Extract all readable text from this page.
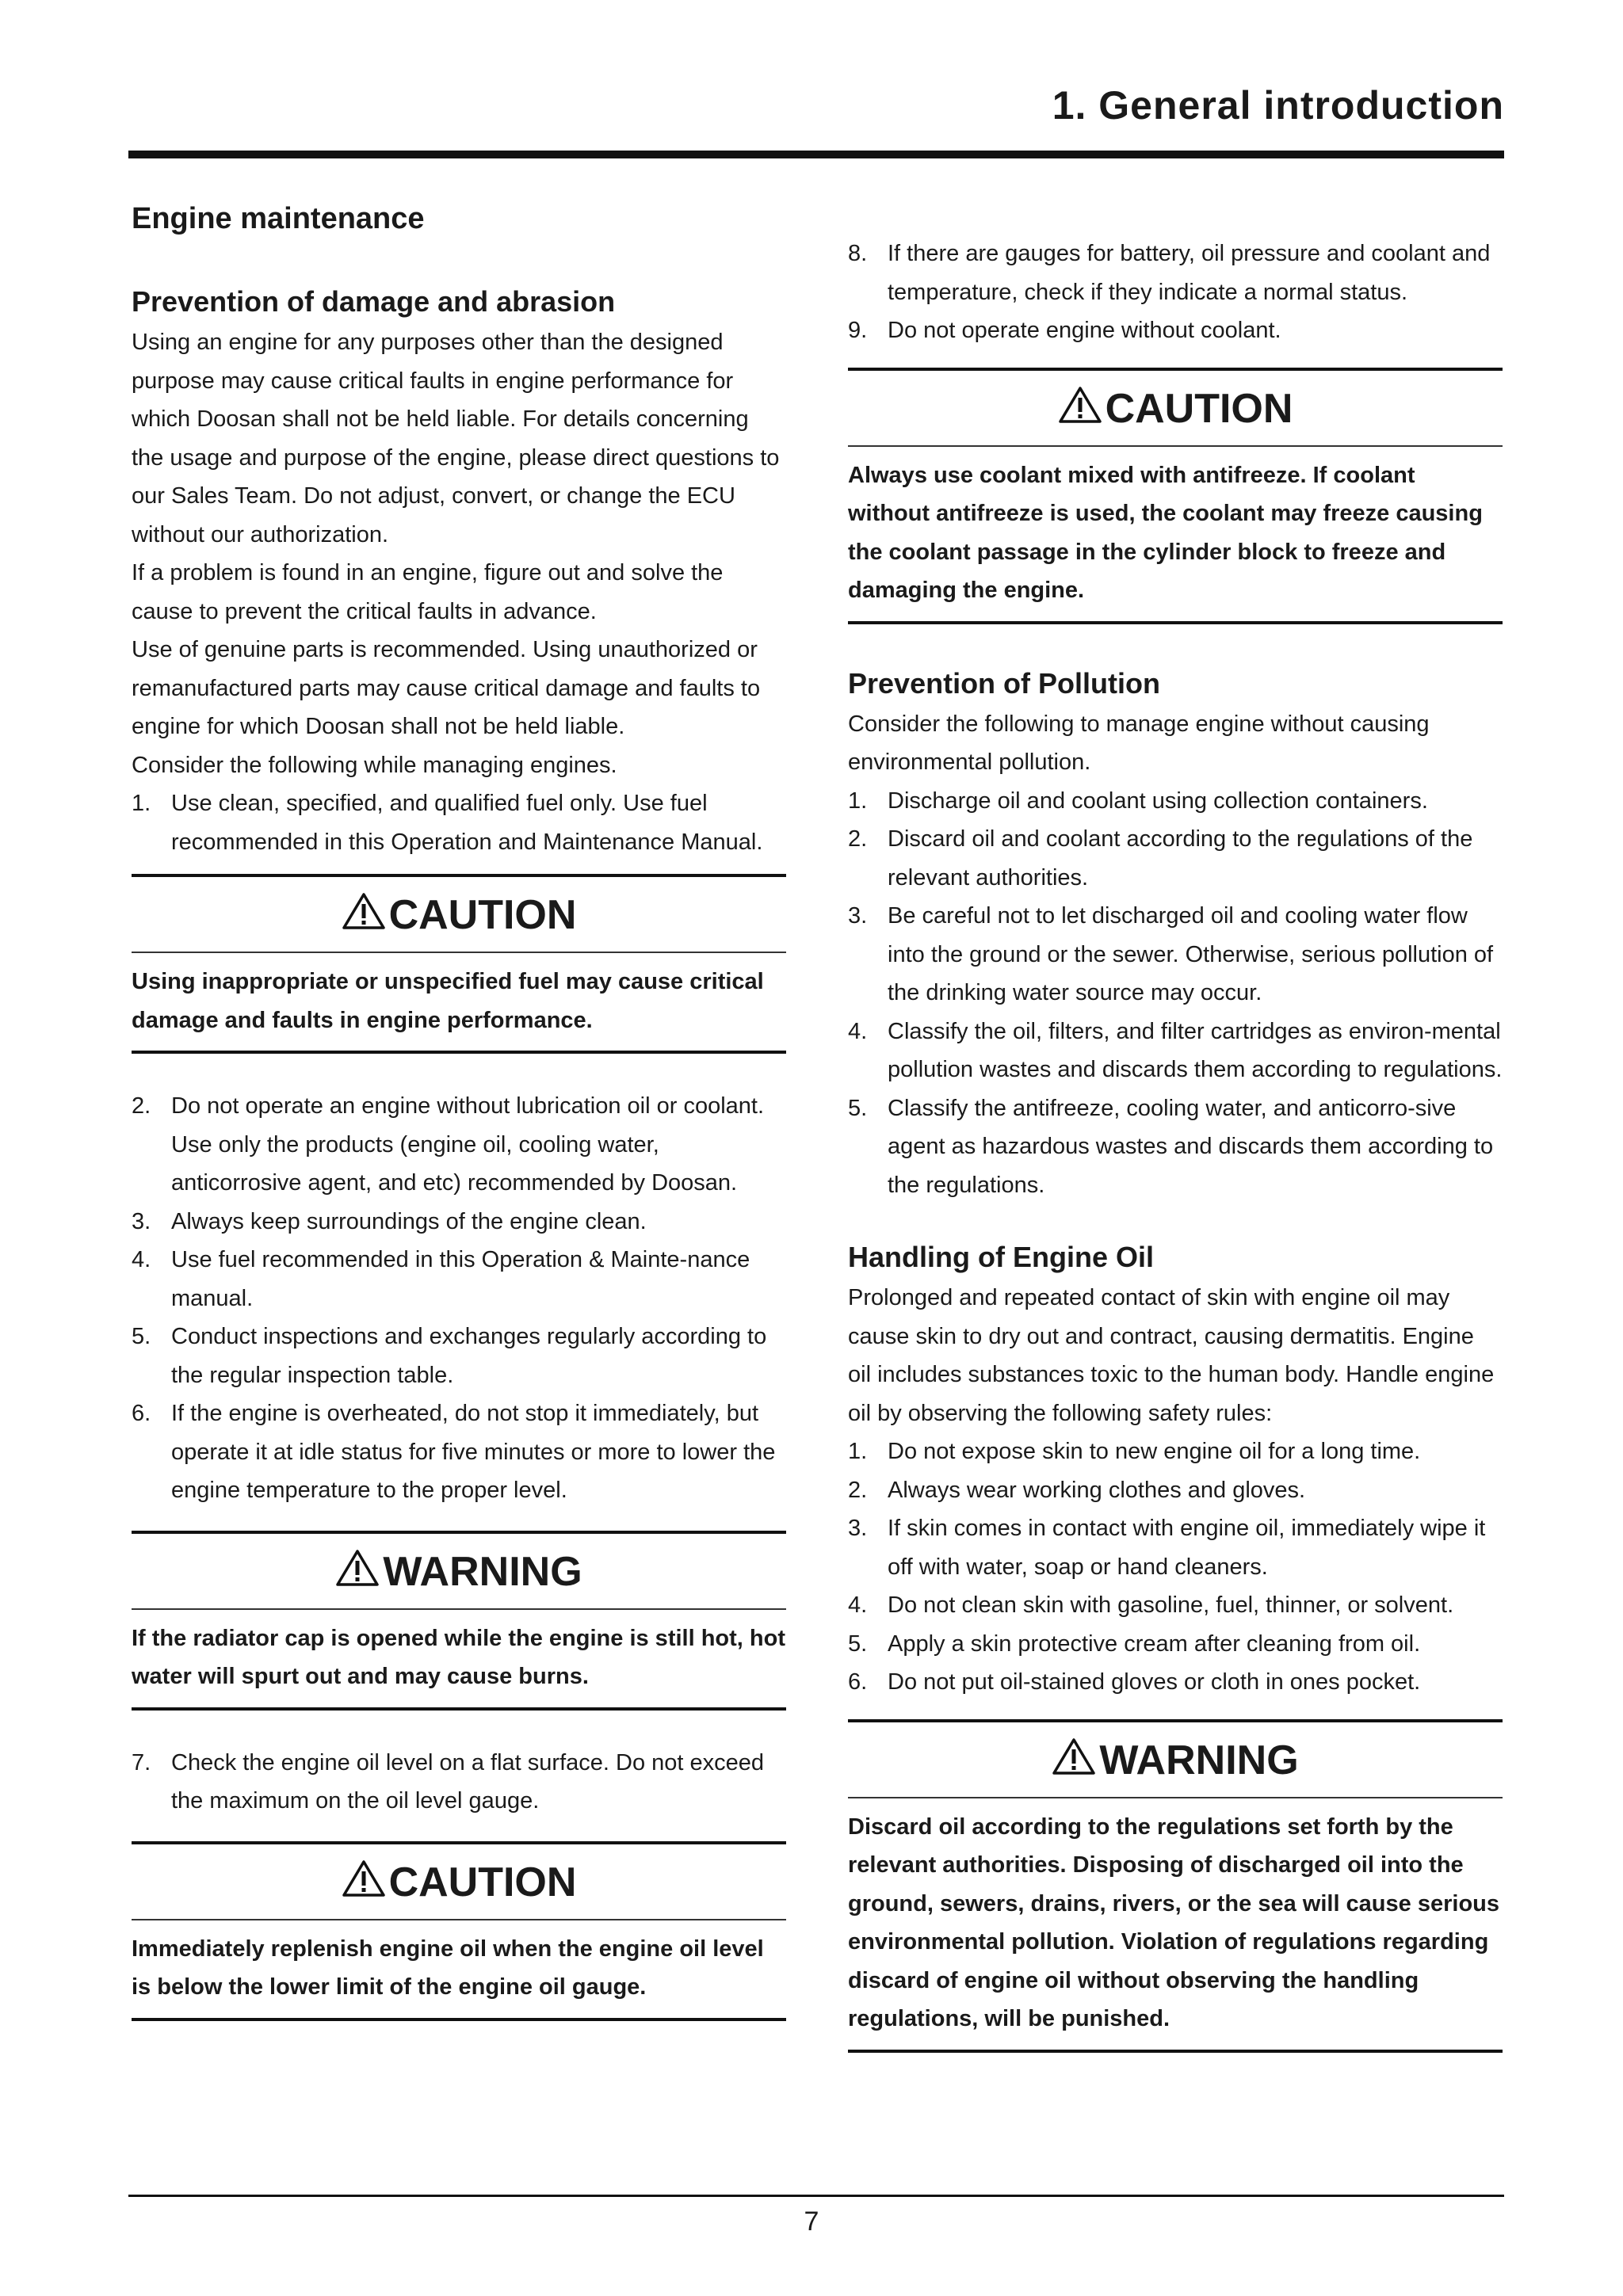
1. General introduction
Engine maintenance
Prevention of damage and abrasion

Using an engine for any purposes other than the designed purpose may cause critical faults in engine performance for which Doosan shall not be held liable. For details concerning the usage and purpose of the engine, please direct questions to our Sales Team. Do not adjust, convert, or change the ECU without our authorization.

If a problem is found in an engine, figure out and solve the cause to prevent the critical faults in advance.

Use of genuine parts is recommended. Using unauthorized or remanufactured parts may cause critical damage and faults to engine for which Doosan shall not be held liable.

Consider the following while managing engines.

1. Use clean, specified, and qualified fuel only. Use fuel recommended in this Operation and Maintenance Manual.
CAUTION
Using inappropriate or unspecified fuel may cause critical damage and faults in engine performance.
2. Do not operate an engine without lubrication oil or coolant. Use only the products (engine oil, cooling water, anticorrosive agent, and etc) recommended by Doosan.
3. Always keep surroundings of the engine clean.
4. Use fuel recommended in this Operation & Mainte-nance manual.
5. Conduct inspections and exchanges regularly according to the regular inspection table.
6. If the engine is overheated, do not stop it immediately, but operate it at idle status for five minutes or more to lower the engine temperature to the proper level.
WARNING
If the radiator cap is opened while the engine is still hot, hot water will spurt out and may cause burns.
7. Check the engine oil level on a flat surface. Do not exceed the maximum on the oil level gauge.
CAUTION
Immediately replenish engine oil when the engine oil level is below the lower limit of the engine oil gauge.
8. If there are gauges for battery, oil pressure and coolant and temperature, check if they indicate a normal status.
9. Do not operate engine without coolant.
CAUTION
Always use coolant mixed with antifreeze. If coolant without antifreeze is used, the coolant may freeze causing the coolant passage in the cylinder block to freeze and damaging the engine.
Prevention of Pollution

Consider the following to manage engine without causing environmental pollution.

1. Discharge oil and coolant using collection containers.
2. Discard oil and coolant according to the regulations of the relevant authorities.
3. Be careful not to let discharged oil and cooling water flow into the ground or the sewer. Otherwise, serious pollution of the drinking water source may occur.
4. Classify the oil, filters, and filter cartridges as environ-mental pollution wastes and discards them according to regulations.
5. Classify the antifreeze, cooling water, and anticorro-sive agent as hazardous wastes and discards them according to the regulations.
Handling of Engine Oil

Prolonged and repeated contact of skin with engine oil may cause skin to dry out and contract, causing dermatitis. Engine oil includes substances toxic to the human body. Handle engine oil by observing the following safety rules:

1. Do not expose skin to new engine oil for a long time.
2. Always wear working clothes and gloves.
3. If skin comes in contact with engine oil, immediately wipe it off with water, soap or hand cleaners.
4. Do not clean skin with gasoline, fuel, thinner, or solvent.
5. Apply a skin protective cream after cleaning from oil.
6. Do not put oil-stained gloves or cloth in ones pocket.
WARNING
Discard oil according to the regulations set forth by the relevant authorities. Disposing of discharged oil into the ground, sewers, drains, rivers, or the sea will cause serious environmental pollution. Violation of regulations regarding discard of engine oil without observing the handling regulations, will be punished.
7
